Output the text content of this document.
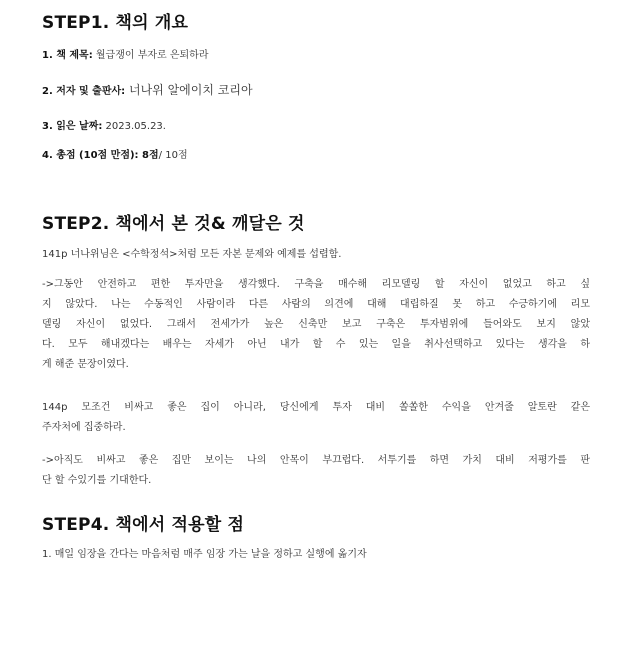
STEP1. 책의 개요

1. 책 제목: 월급쟁이 부자로 은퇴하라

2. 저자 및 출판사: 너나위 알에이치 코리아

3. 읽은 날짜: 2023.05.23.

4. 총점 (10점 만점): 8점/ 10점

STEP2. 책에서 본 것& 깨달은 것

141p 너나위님은 <수학정석>처럼 모든 자본 문제와 예제를 섭렵함.

->그동안 안전하고 편한 투자만을 생각했다. 구축을 매수해 리모델링 할 자신이 없었고 하고 싶
지 않았다. 나는 수동적인 사람이라 다른 사람의 의견에 대해 대립하질 못 하고 수긍하기에 리모
델링 자신이 없었다. 그래서 전세가가 높은 신축만 보고 구축은 투자범위에 들어와도 보지 않았
다. 모두 해내겠다는 배우는 자세가 아닌 내가 할 수 있는 일을 취사선택하고 있다는 생각을 하
게 해준 문장이였다.

144p 모조건 비싸고 좋은 집이 아니라, 당신에게 투자 대비 쏠쏠한 수익을 안겨줄 알토란 같은
주자처에 집중하라.

->아직도 비싸고 좋은 집만 보이는 나의 안목이 부끄럽다. 서투기를 하면 가치 대비 저평가를 판
단 할 수있기를 기대한다.

STEP4. 책에서 적용할 점

1. 매일 임장을 간다는 마음처럼 매주 임장 가는 날을 정하고 실행에 옮기자
